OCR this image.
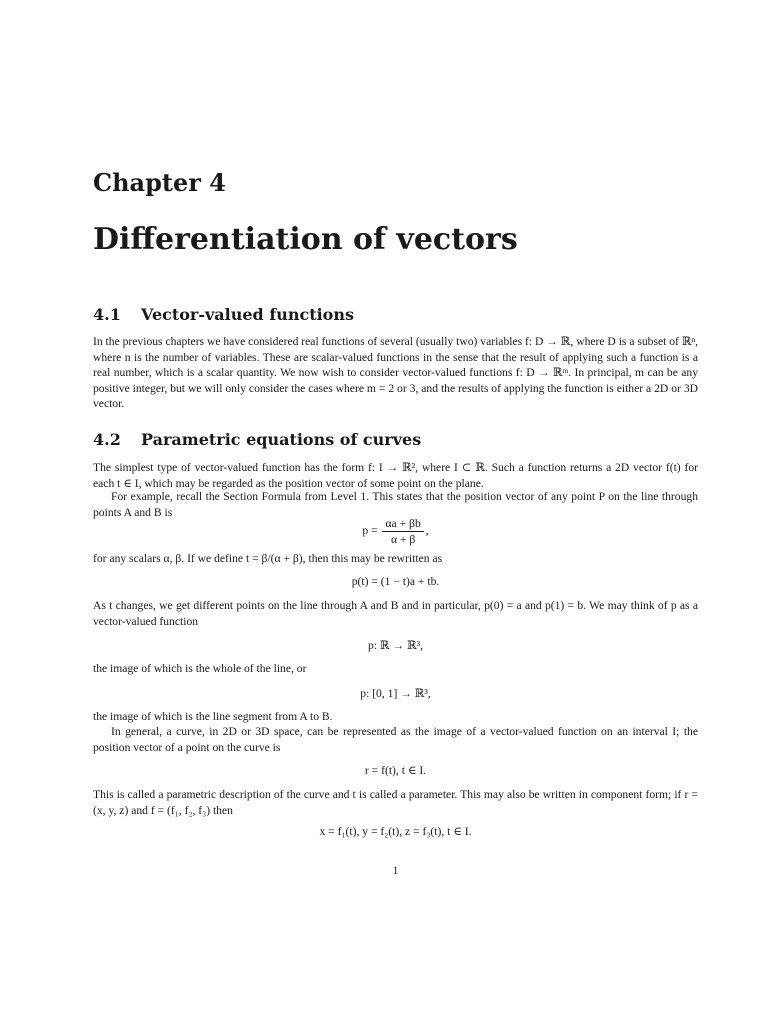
Chapter 4
Differentiation of vectors
4.1 Vector-valued functions
In the previous chapters we have considered real functions of several (usually two) variables f: D → ℝ, where D is a subset of ℝⁿ, where n is the number of variables. These are scalar-valued functions in the sense that the result of applying such a function is a real number, which is a scalar quantity. We now wish to consider vector-valued functions f: D → ℝᵐ. In principal, m can be any positive integer, but we will only consider the cases where m = 2 or 3, and the results of applying the function is either a 2D or 3D vector.
4.2 Parametric equations of curves
The simplest type of vector-valued function has the form f: I → ℝ², where I ⊂ ℝ. Such a function returns a 2D vector f(t) for each t ∈ I, which may be regarded as the position vector of some point on the plane.
For example, recall the Section Formula from Level 1. This states that the position vector of any point P on the line through points A and B is
$p = \frac{\alpha a + \beta b}{\alpha + \beta}$ ,
for any scalars α, β. If we define t = β/(α + β), then this may be rewritten as
p(t) = (1 − t)a + tb.
As t changes, we get different points on the line through A and B and in particular, p(0) = a and p(1) = b. We may think of p as a vector-valued function
p: ℝ → ℝ³,
the image of which is the whole of the line, or
p: [0, 1] → ℝ³,
the image of which is the line segment from A to B.
In general, a curve, in 2D or 3D space, can be represented as the image of a vector-valued function on an interval I; the position vector of a point on the curve is
r = f(t), t ∈ I.
This is called a parametric description of the curve and t is called a parameter. This may also be written in component form; if r = (x, y, z) and f = (f₁, f₂, f₃) then
x = f₁(t), y = f₂(t), z = f₃(t), t ∈ I.
1
